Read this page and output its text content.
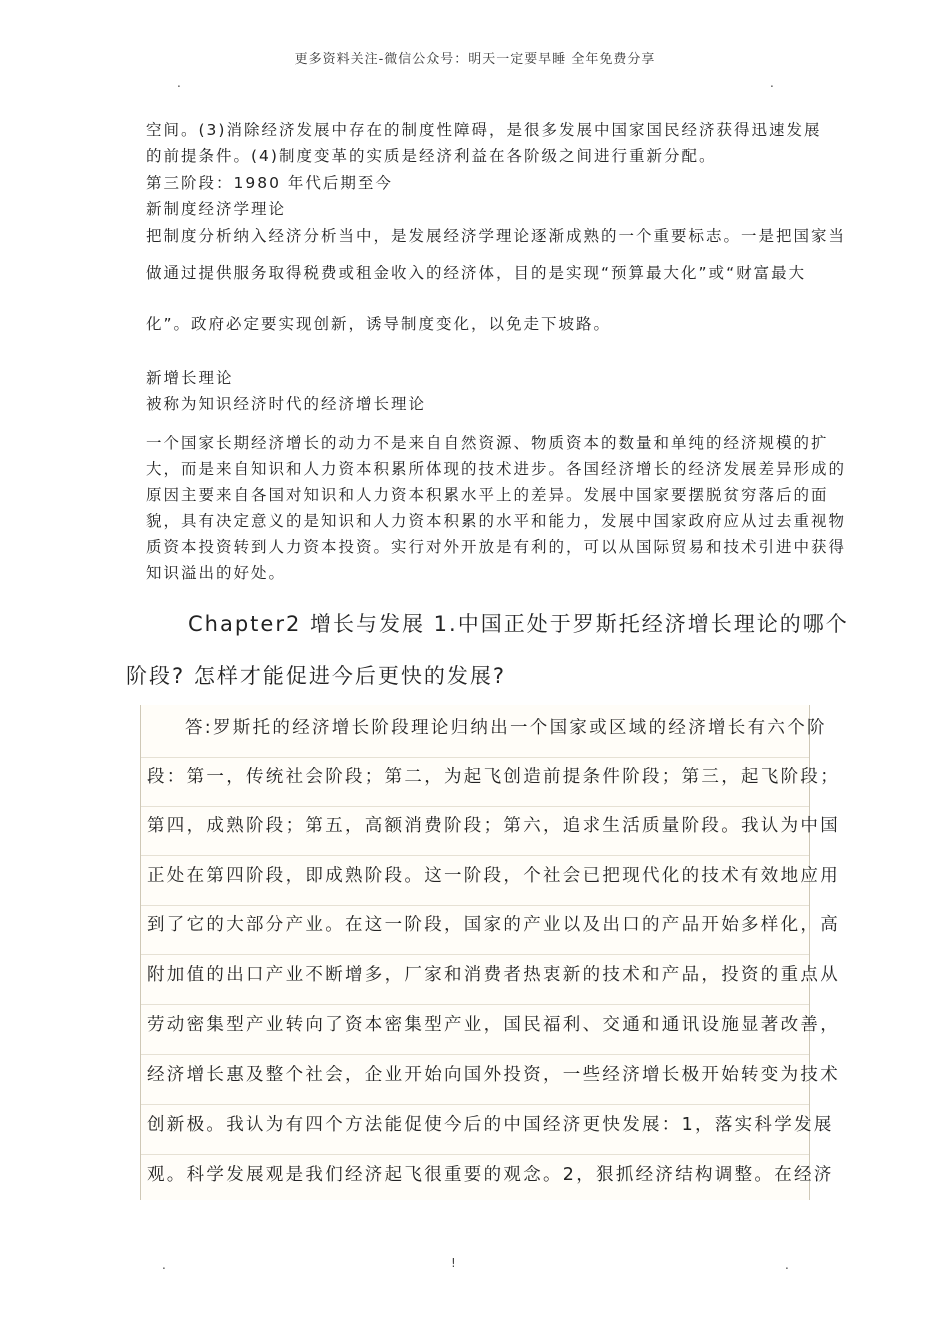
更多资料关注-微信公众号：明天一定要早睡 全年免费分享
.	.

空间。(3)消除经济发展中存在的制度性障碍，是很多发展中国家国民经济获得迅速发展

的前提条件。(4)制度变革的实质是经济利益在各阶级之间进行重新分配。

第三阶段：1980 年代后期至今

新制度经济学理论

把制度分析纳入经济分析当中，是发展经济学理论逐渐成熟的一个重要标志。一是把国家当

做通过提供服务取得税费或租金收入的经济体，目的是实现“预算最大化”或“财富最大

化”。政府必定要实现创新，诱导制度变化，以免走下坡路。

新增长理论

被称为知识经济时代的经济增长理论

一个国家长期经济增长的动力不是来自自然资源、物质资本的数量和单纯的经济规模的扩

大，而是来自知识和人力资本积累所体现的技术进步。各国经济增长的经济发展差异形成的

原因主要来自各国对知识和人力资本积累水平上的差异。发展中国家要摆脱贫穷落后的面

貌，具有决定意义的是知识和人力资本积累的水平和能力，发展中国家政府应从过去重视物

质资本投资转到人力资本投资。实行对外开放是有利的，可以从国际贸易和技术引进中获得

知识溢出的好处。

Chapter2 增长与发展 1.中国正处于罗斯托经济增长理论的哪个
阶段? 怎样才能促进今后更快的发展?
答:罗斯托的经济增长阶段理论归纳出一个国家或区域的经济增长有六个阶
段：第一，传统社会阶段；第二，为起飞创造前提条件阶段；第三，起飞阶段；
第四，成熟阶段；第五，高额消费阶段；第六，追求生活质量阶段。我认为中国
正处在第四阶段，即成熟阶段。这一阶段，个社会已把现代化的技术有效地应用
到了它的大部分产业。在这一阶段，国家的产业以及出口的产品开始多样化，高
附加值的出口产业不断增多，厂家和消费者热衷新的技术和产品，投资的重点从
劳动密集型产业转向了资本密集型产业，国民福利、交通和通讯设施显著改善，
经济增长惠及整个社会，企业开始向国外投资，一些经济增长极开始转变为技术
创新极。我认为有四个方法能促使今后的中国经济更快发展：1，落实科学发展
观。科学发展观是我们经济起飞很重要的观念。2，狠抓经济结构调整。在经济
.	!	.
